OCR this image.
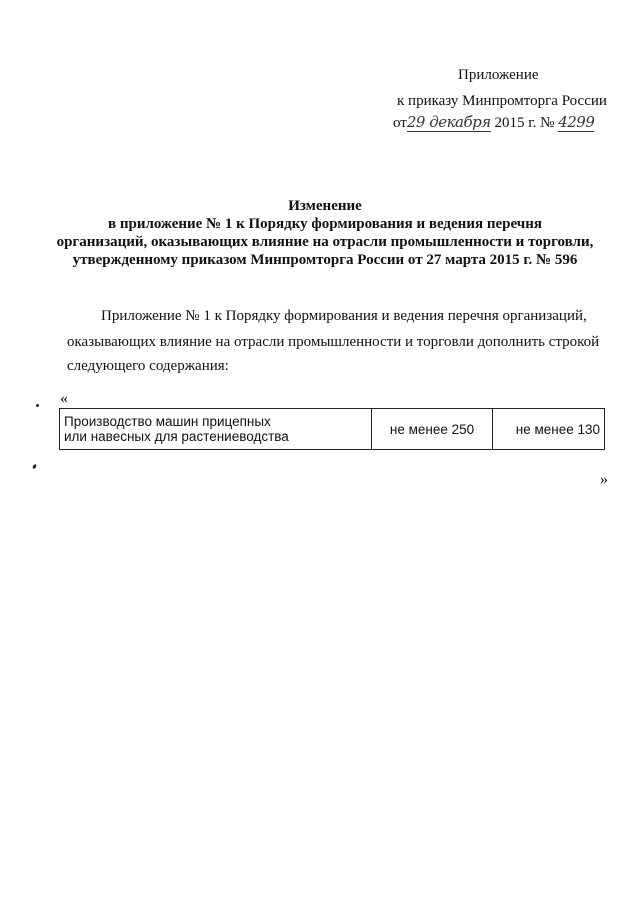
Приложение
к приказу Минпромторга России
от29 декабря 2015 г. № 4299
Изменение
в приложение № 1 к Порядку формирования и ведения перечня
организаций, оказывающих влияние на отрасли промышленности и торговли,
утвержденному приказом Минпромторга России от 27 марта 2015 г. № 596
Приложение № 1 к Порядку формирования и ведения перечня организаций,
оказывающих влияние на отрасли промышленности и торговли дополнить строкой
следующего содержания:
«
»
Производство машин прицепных
или навесных для растениеводства	не менее 250	не менее 130
